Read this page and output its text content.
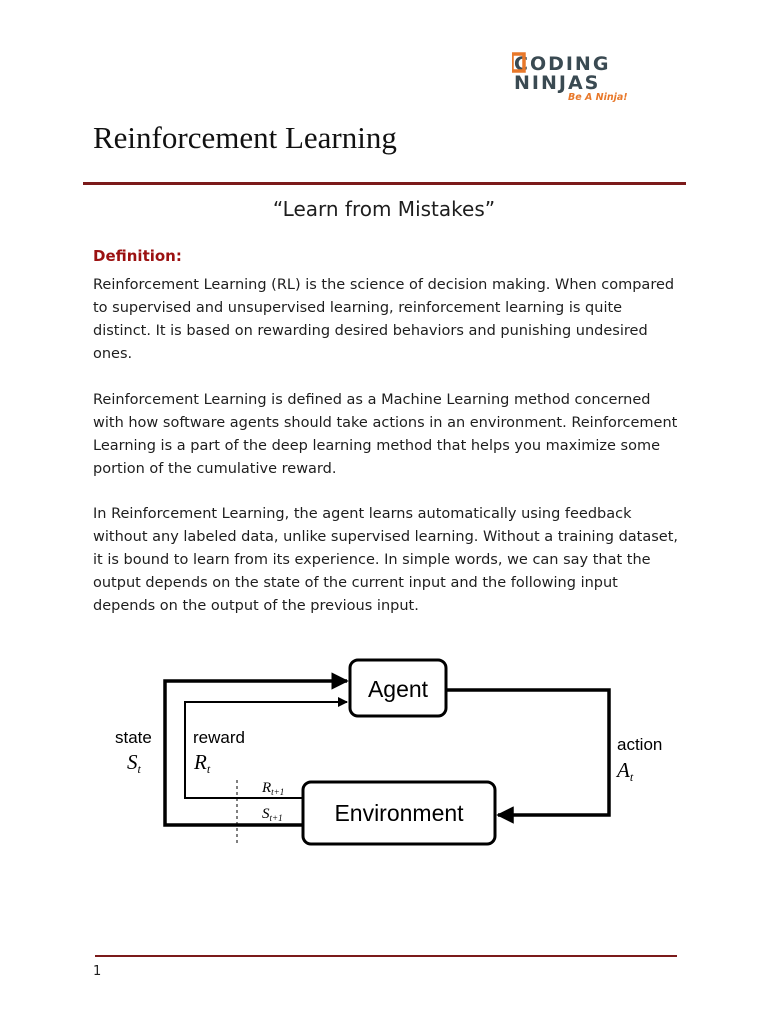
CODING
NINJAS
Be A Ninja!
Reinforcement Learning
“Learn from Mistakes”
Definition:

Reinforcement Learning (RL) is the science of decision making. When compared to supervised and unsupervised learning, reinforcement learning is quite distinct. It is based on rewarding desired behaviors and punishing undesired ones.

Reinforcement Learning is defined as a Machine Learning method concerned with how software agents should take actions in an environment. Reinforcement Learning is a part of the deep learning method that helps you maximize some portion of the cumulative reward.

In Reinforcement Learning, the agent learns automatically using feedback without any labeled data, unlike supervised learning. Without a training dataset, it is bound to learn from its experience. In simple words, we can say that the output depends on the state of the current input and the following input depends on the output of the previous input.

Agent
Environment
state
St
reward
Rt
$R_{t+1}$
$S_{t+1}$
action
At
1
